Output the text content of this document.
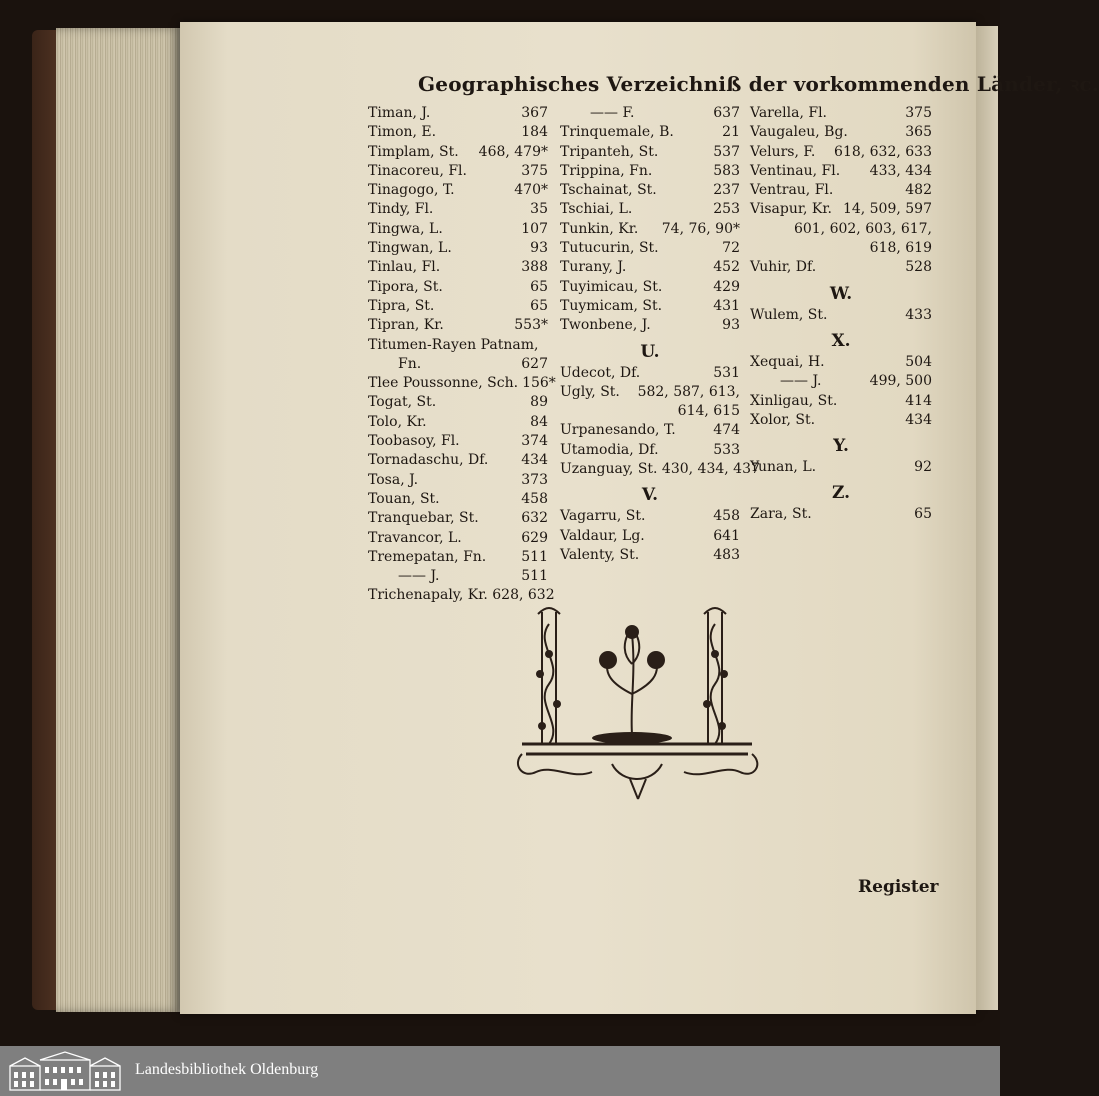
Geographisches Verzeichniß der vorkommenden Länder, ꝛc.
Timan, J.	367
Timon, E.	184
Timplam, St. 468, 479*
Tinacoreu, Fl.	375
Tinagogo, T.	470*
Tindy, Fl.	35
Tingwa, L.	107
Tingwan, L.	93
Tinlau, Fl.	388
Tipora, St.	65
Tipra, St.	65
Tipran, Kr.	553*
Titumen-Rayen Patnam,
Fn.	627
Tlee Poussonne, Sch. 156*
Togat, St.	89
Tolo, Kr.	84
Toobasoy, Fl.	374
Tornadaschu, Df. 434
Tosa, J.	373
Touan, St.	458
Tranquebar, St.	632
Travancor, L.	629
Tremepatan, Fn.	511
—— J.	511
Trichenapaly, Kr. 628, 632
—— F.	637
Trinquemale, B.	21
Tripanteh, St.	537
Trippina, Fn.	583
Tschainat, St.	237
Tschiai, L.	253
Tunkin, Kr. 74, 76, 90*
Tutucurin, St.	72
Turany, J.	452
Tuyimicau, St.	429
Tuymicam, St.	431
Twonbene, J.	93
U.
Udecot, Df.	531
Ugly, St. 582, 587, 613,
614, 615
Urpanesando, T.	474
Utamodia, Df.	533
Uzanguay, St. 430, 434, 437
V.
Vagarru, St.	458
Valdaur, Lg.	641
Valenty, St.	483
Varella, Fl.	375
Vaugaleu, Bg.	365
Velurs, F. 618, 632, 633
Ventinau, Fl. 433, 434
Ventrau, Fl.	482
Visapur, Kr. 14, 509, 597
601, 602, 603, 617,
618, 619
Vuhir, Df.	528
W.
Wulem, St.	433
X.
Xequai, H.	504
—— J.	499, 500
Xinligau, St.	414
Xolor, St.	434
Y.
Yunan, L.	92
Z.
Zara, St.	65
Register
Landesbibliothek Oldenburg
